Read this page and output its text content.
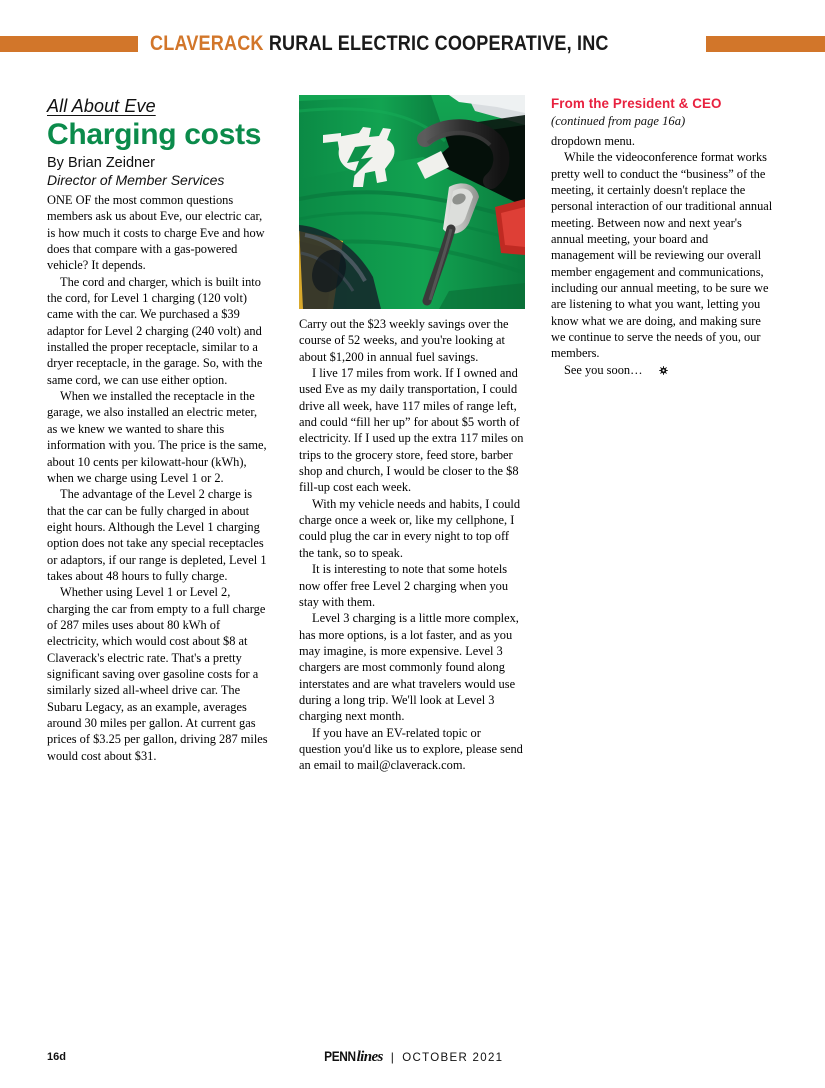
CLAVERACK RURAL ELECTRIC COOPERATIVE, INC
All About Eve
Charging costs
By Brian Zeidner
Director of Member Services

ONE OF the most common questions members ask us about Eve, our electric car, is how much it costs to charge Eve and how does that compare with a gas-powered vehicle? It depends.

The cord and charger, which is built into the cord, for Level 1 charging (120 volt) came with the car. We purchased a $39 adaptor for Level 2 charging (240 volt) and installed the proper receptacle, similar to a dryer receptacle, in the garage. So, with the same cord, we can use either option.

When we installed the receptacle in the garage, we also installed an electric meter, as we knew we wanted to share this information with you. The price is the same, about 10 cents per kilowatt-hour (kWh), when we charge using Level 1 or 2.

The advantage of the Level 2 charge is that the car can be fully charged in about eight hours. Although the Level 1 charging option does not take any special receptacles or adaptors, if our range is depleted, Level 1 takes about 48 hours to fully charge.

Whether using Level 1 or Level 2, charging the car from empty to a full charge of 287 miles uses about 80 kWh of electricity, which would cost about $8 at Claverack's electric rate. That's a pretty significant saving over gasoline costs for a similarly sized all-wheel drive car. The Subaru Legacy, as an example, averages around 30 miles per gallon. At current gas prices of $3.25 per gallon, driving 287 miles would cost about $31.

Carry out the $23 weekly savings over the course of 52 weeks, and you're looking at about $1,200 in annual fuel savings.

I live 17 miles from work. If I owned and used Eve as my daily transportation, I could drive all week, have 117 miles of range left, and could “fill her up” for about $5 worth of electricity. If I used up the extra 117 miles on trips to the grocery store, feed store, barber shop and church, I would be closer to the $8 fill-up cost each week.

With my vehicle needs and habits, I could charge once a week or, like my cellphone, I could plug the car in every night to top off the tank, so to speak.

It is interesting to note that some hotels now offer free Level 2 charging when you stay with them.

Level 3 charging is a little more complex, has more options, is a lot faster, and as you may imagine, is more expensive. Level 3 chargers are most commonly found along interstates and are what travelers would use during a long trip. We'll look at Level 3 charging next month.

If you have an EV-related topic or question you'd like us to explore, please send an email to mail@claverack.com.

From the President & CEO
(continued from page 16a)

dropdown menu.

While the videoconference format works pretty well to conduct the “business” of the meeting, it certainly doesn't replace the personal interaction of our traditional annual meeting. Between now and next year's annual meeting, your board and management will be reviewing our overall member engagement and communications, including our annual meeting, to be sure we are listening to what you want, letting you know what we are doing, and making sure we continue to serve the needs of you, our members.

See you soon…

16d	PENNlines | OCTOBER 2021
